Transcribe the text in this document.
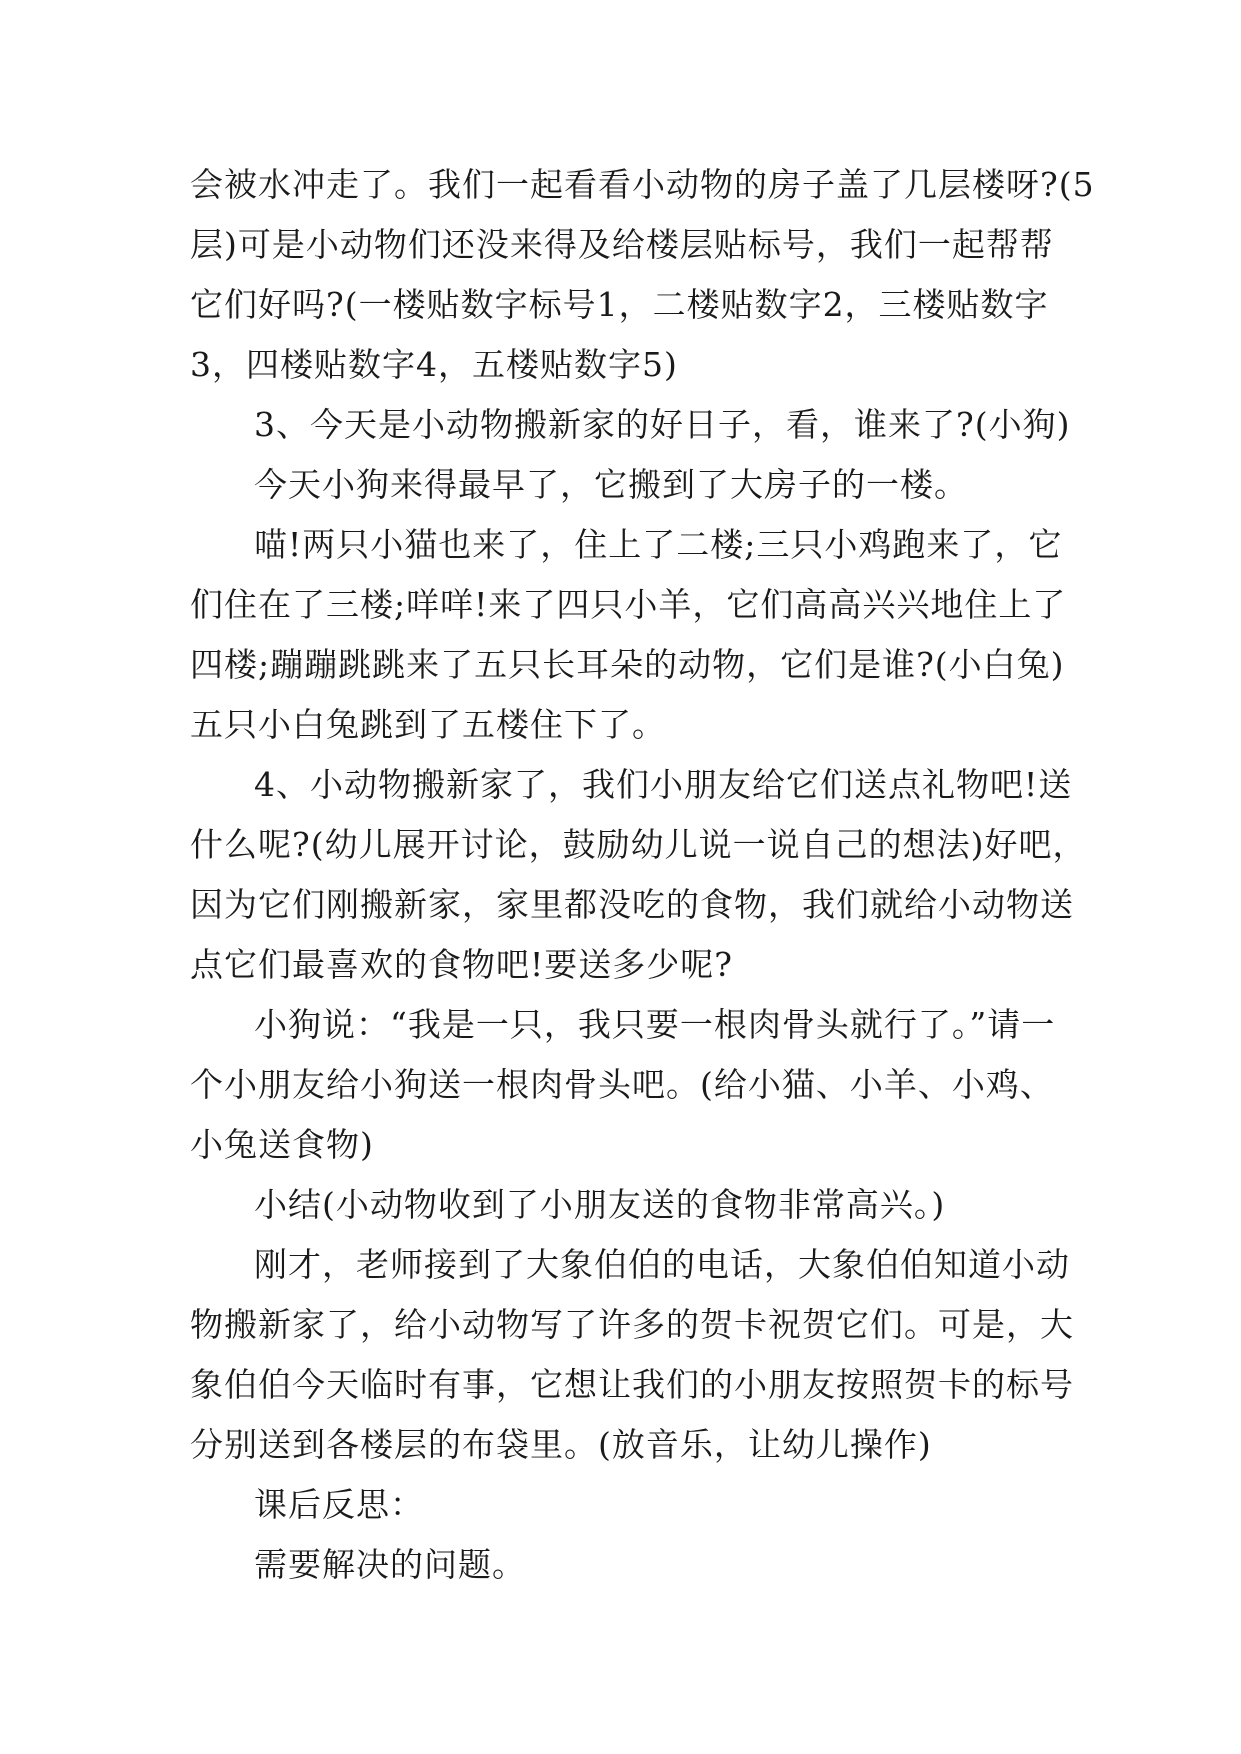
会被水冲走了。我们一起看看小动物的房子盖了几层楼呀?(5
层)可是小动物们还没来得及给楼层贴标号，我们一起帮帮
它们好吗?(一楼贴数字标号1，二楼贴数字2，三楼贴数字
3，四楼贴数字4，五楼贴数字5)
3、今天是小动物搬新家的好日子，看，谁来了?(小狗)
今天小狗来得最早了，它搬到了大房子的一楼。
喵!两只小猫也来了，住上了二楼;三只小鸡跑来了，它
们住在了三楼;咩咩!来了四只小羊，它们高高兴兴地住上了
四楼;蹦蹦跳跳来了五只长耳朵的动物，它们是谁?(小白兔)
五只小白兔跳到了五楼住下了。
4、小动物搬新家了，我们小朋友给它们送点礼物吧!送
什么呢?(幼儿展开讨论，鼓励幼儿说一说自己的想法)好吧，
因为它们刚搬新家，家里都没吃的食物，我们就给小动物送
点它们最喜欢的食物吧!要送多少呢?
小狗说：“我是一只，我只要一根肉骨头就行了。”请一
个小朋友给小狗送一根肉骨头吧。(给小猫、小羊、小鸡、
小兔送食物)
小结(小动物收到了小朋友送的食物非常高兴。)
刚才，老师接到了大象伯伯的电话，大象伯伯知道小动
物搬新家了，给小动物写了许多的贺卡祝贺它们。可是，大
象伯伯今天临时有事，它想让我们的小朋友按照贺卡的标号
分别送到各楼层的布袋里。(放音乐，让幼儿操作)
课后反思：
需要解决的问题。
